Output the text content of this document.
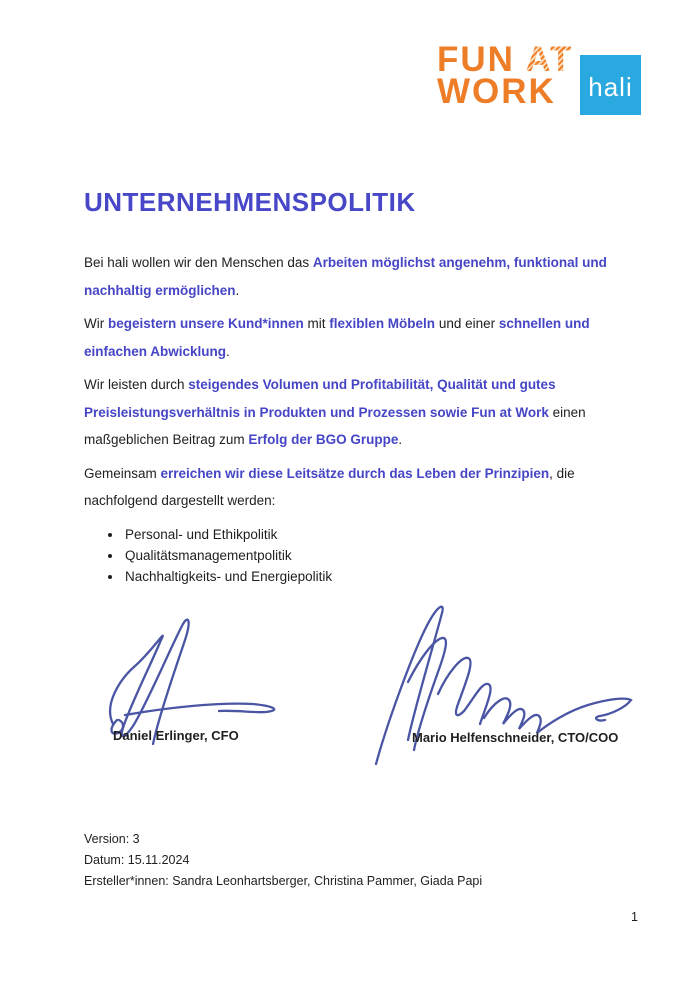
FUN AT
WORK	hali
UNTERNEHMENSPOLITIK

Bei hali wollen wir den Menschen das Arbeiten möglichst angenehm, funktional und nachhaltig ermöglichen.

Wir begeistern unsere Kund*innen mit flexiblen Möbeln und einer schnellen und einfachen Abwicklung.

Wir leisten durch steigendes Volumen und Profitabilität, Qualität und gutes Preisleistungsverhältnis in Produkten und Prozessen sowie Fun at Work einen maßgeblichen Beitrag zum Erfolg der BGO Gruppe.

Gemeinsam erreichen wir diese Leitsätze durch das Leben der Prinzipien, die nachfolgend dargestellt werden:

• Personal- und Ethikpolitik
• Qualitätsmanagementpolitik
• Nachhaltigkeits- und Energiepolitik
Daniel Erlinger, CFO	Mario Helfenschneider, CTO/COO
Version: 3
Datum: 15.11.2024
Ersteller*innen: Sandra Leonhartsberger, Christina Pammer, Giada Papi
1
